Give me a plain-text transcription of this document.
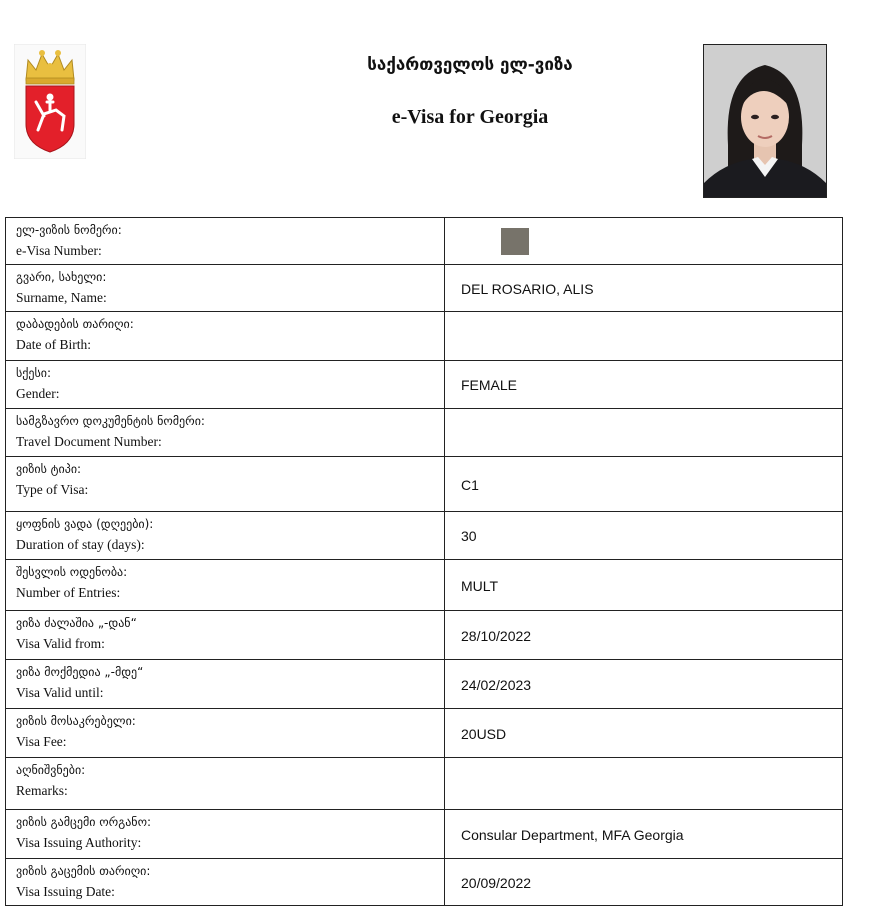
საქართველოს ელ-ვიზა
e-Visa for Georgia
ელ-ვიზის ნომერი:
e-Visa Number:	

გვარი, სახელი:
Surname, Name:	DEL ROSARIO, ALIS

დაბადების თარიღი:
Date of Birth:	

სქესი:
Gender:	FEMALE

სამგზავრო დოკუმენტის ნომერი:
Travel Document Number:	

ვიზის ტიპი:
Type of Visa:	C1

ყოფნის ვადა (დღეები):
Duration of stay (days):	30

შესვლის ოდენობა:
Number of Entries:	MULT

ვიზა ძალაშია „-დან“
Visa Valid from:	28/10/2022

ვიზა მოქმედია „-მდე“
Visa Valid until:	24/02/2023

ვიზის მოსაკრებელი:
Visa Fee:	20USD

აღნიშვნები:
Remarks:	

ვიზის გამცემი ორგანო:
Visa Issuing Authority:	Consular Department, MFA Georgia

ვიზის გაცემის თარიღი:
Visa Issuing Date:	20/09/2022
